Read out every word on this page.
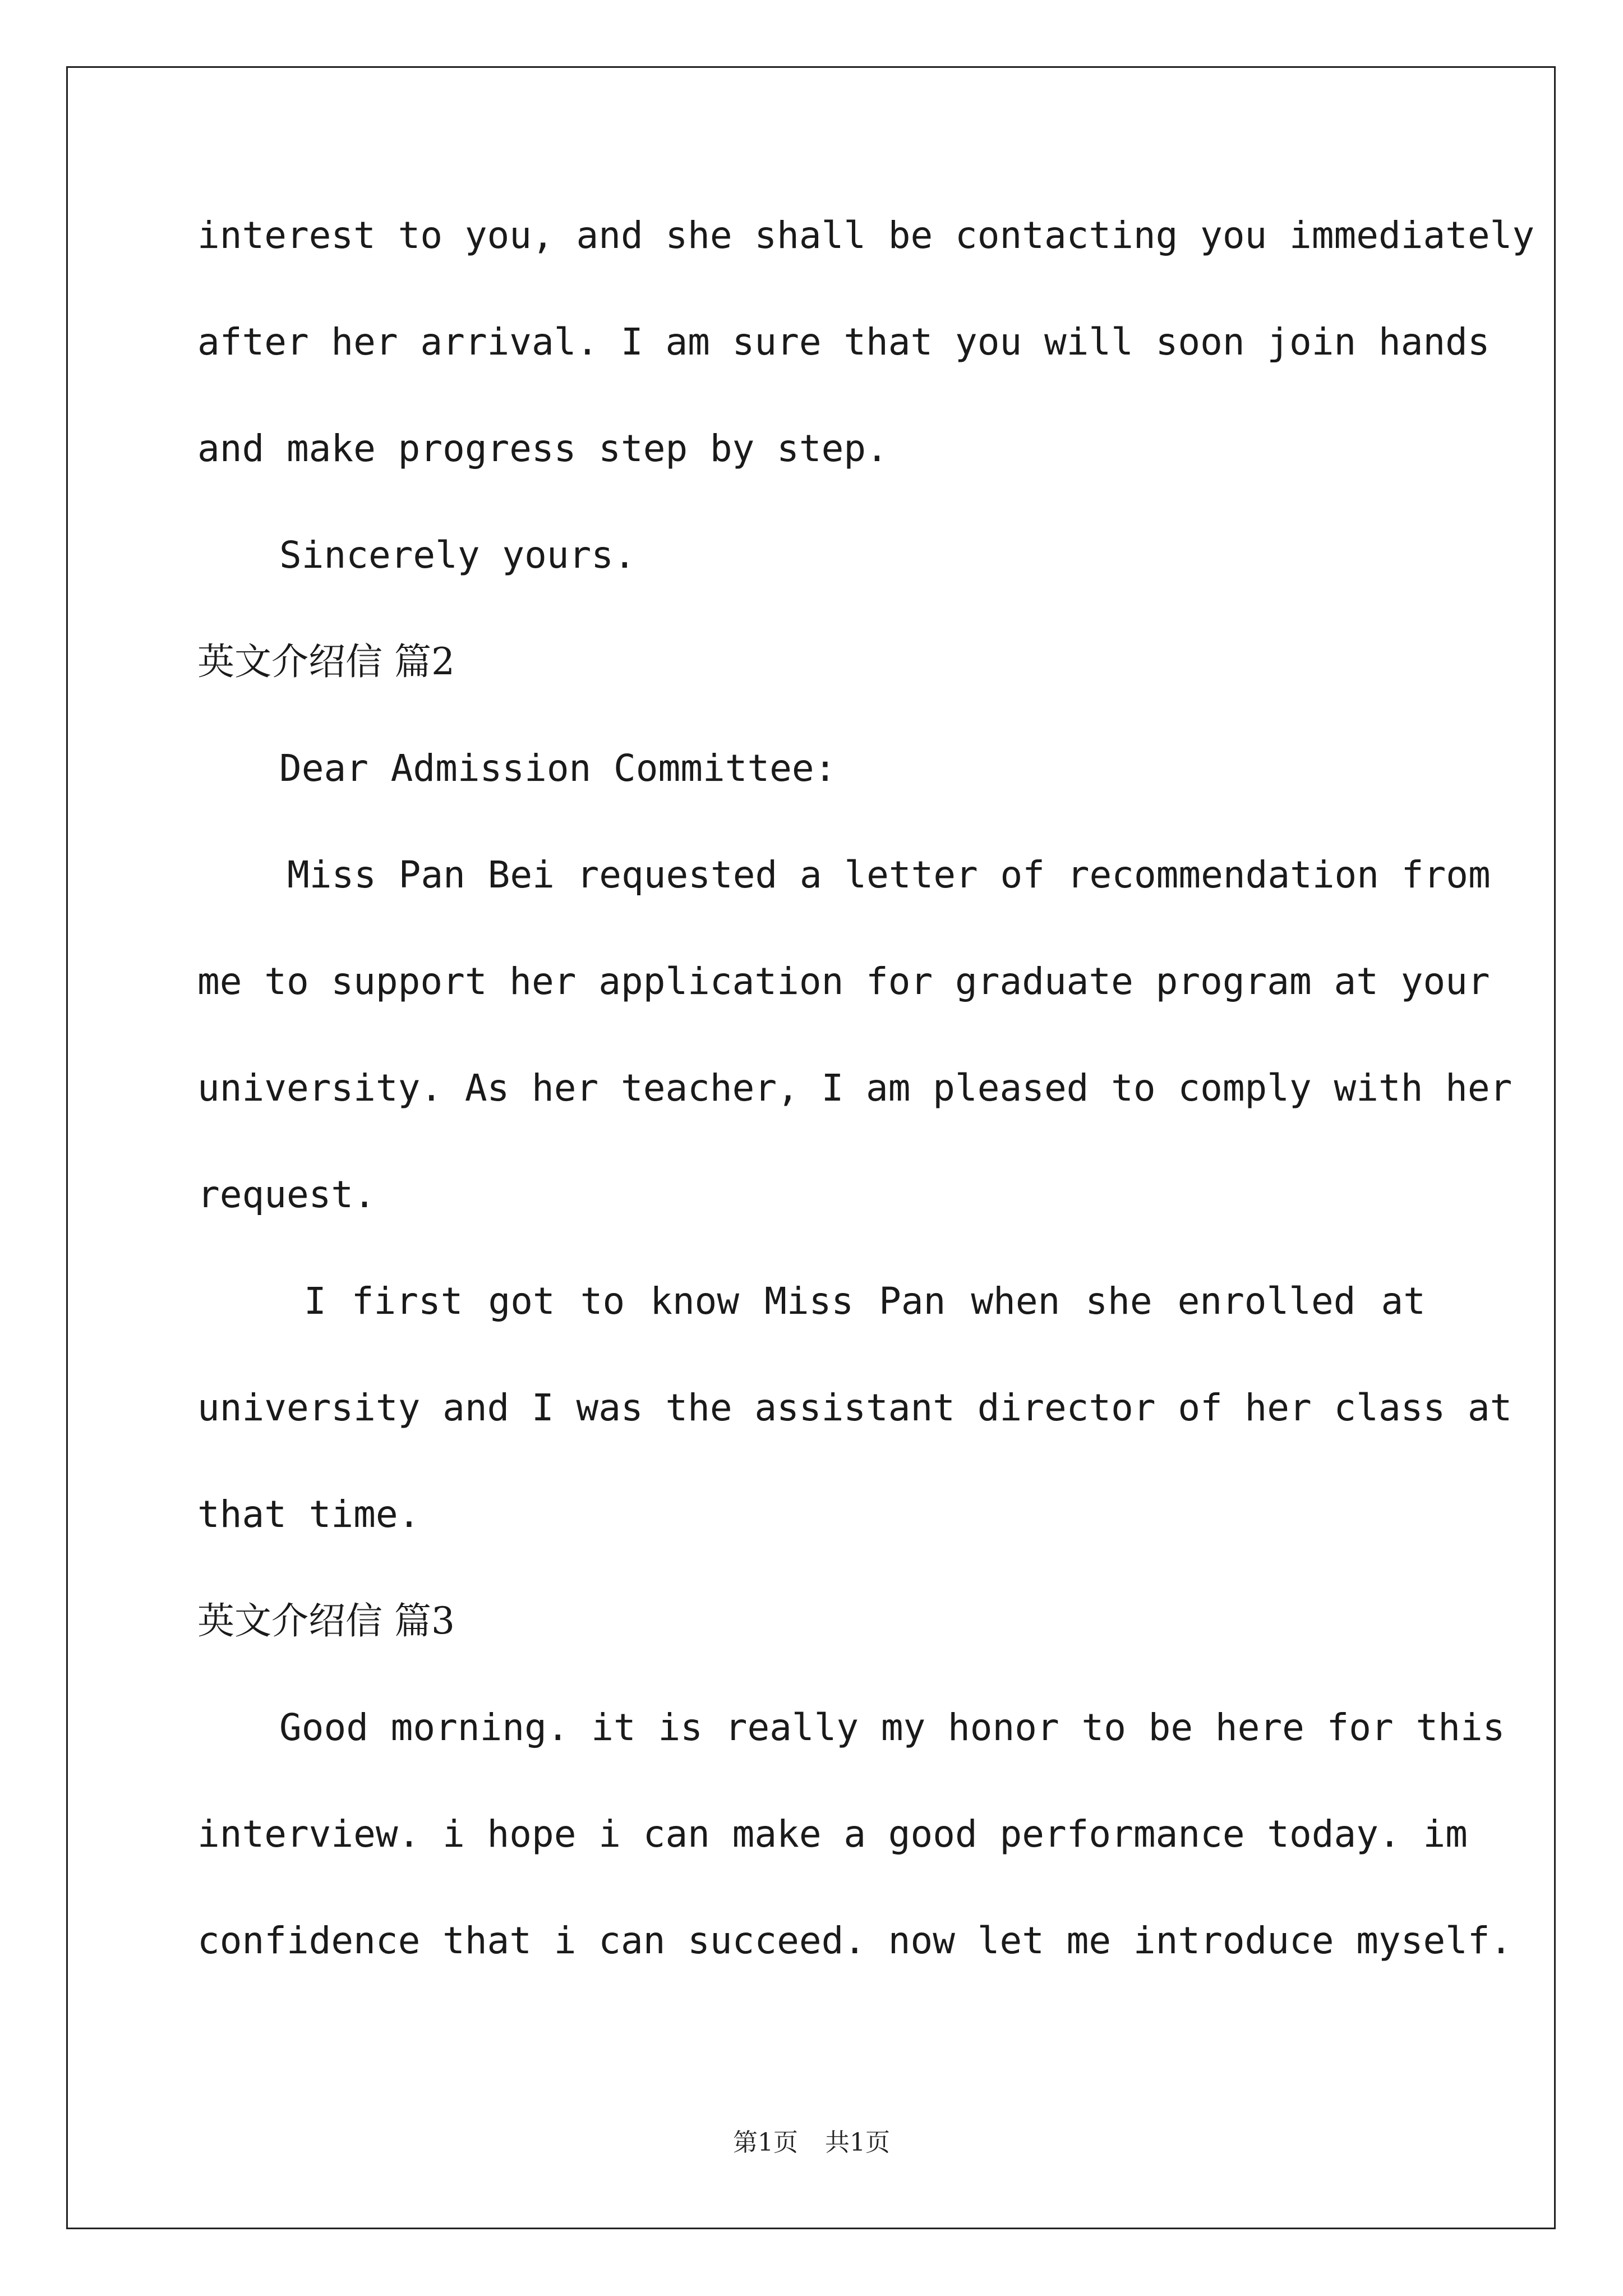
interest to you, and she shall be contacting you immediately
after her arrival. I am sure that you will soon join hands
and make progress step by step.
Sincerely yours.
英文介绍信 篇2
Dear Admission Committee:
Miss Pan Bei requested a letter of recommendation from
me to support her application for graduate program at your
university. As her teacher, I am pleased to comply with her
request.
I first got to know Miss Pan when she enrolled at
university and I was the assistant director of her class at
that time.
英文介绍信 篇3
Good morning. it is really my honor to be here for this
interview. i hope i can make a good performance today. im
confidence that i can succeed. now let me introduce myself.
第1页 共1页
